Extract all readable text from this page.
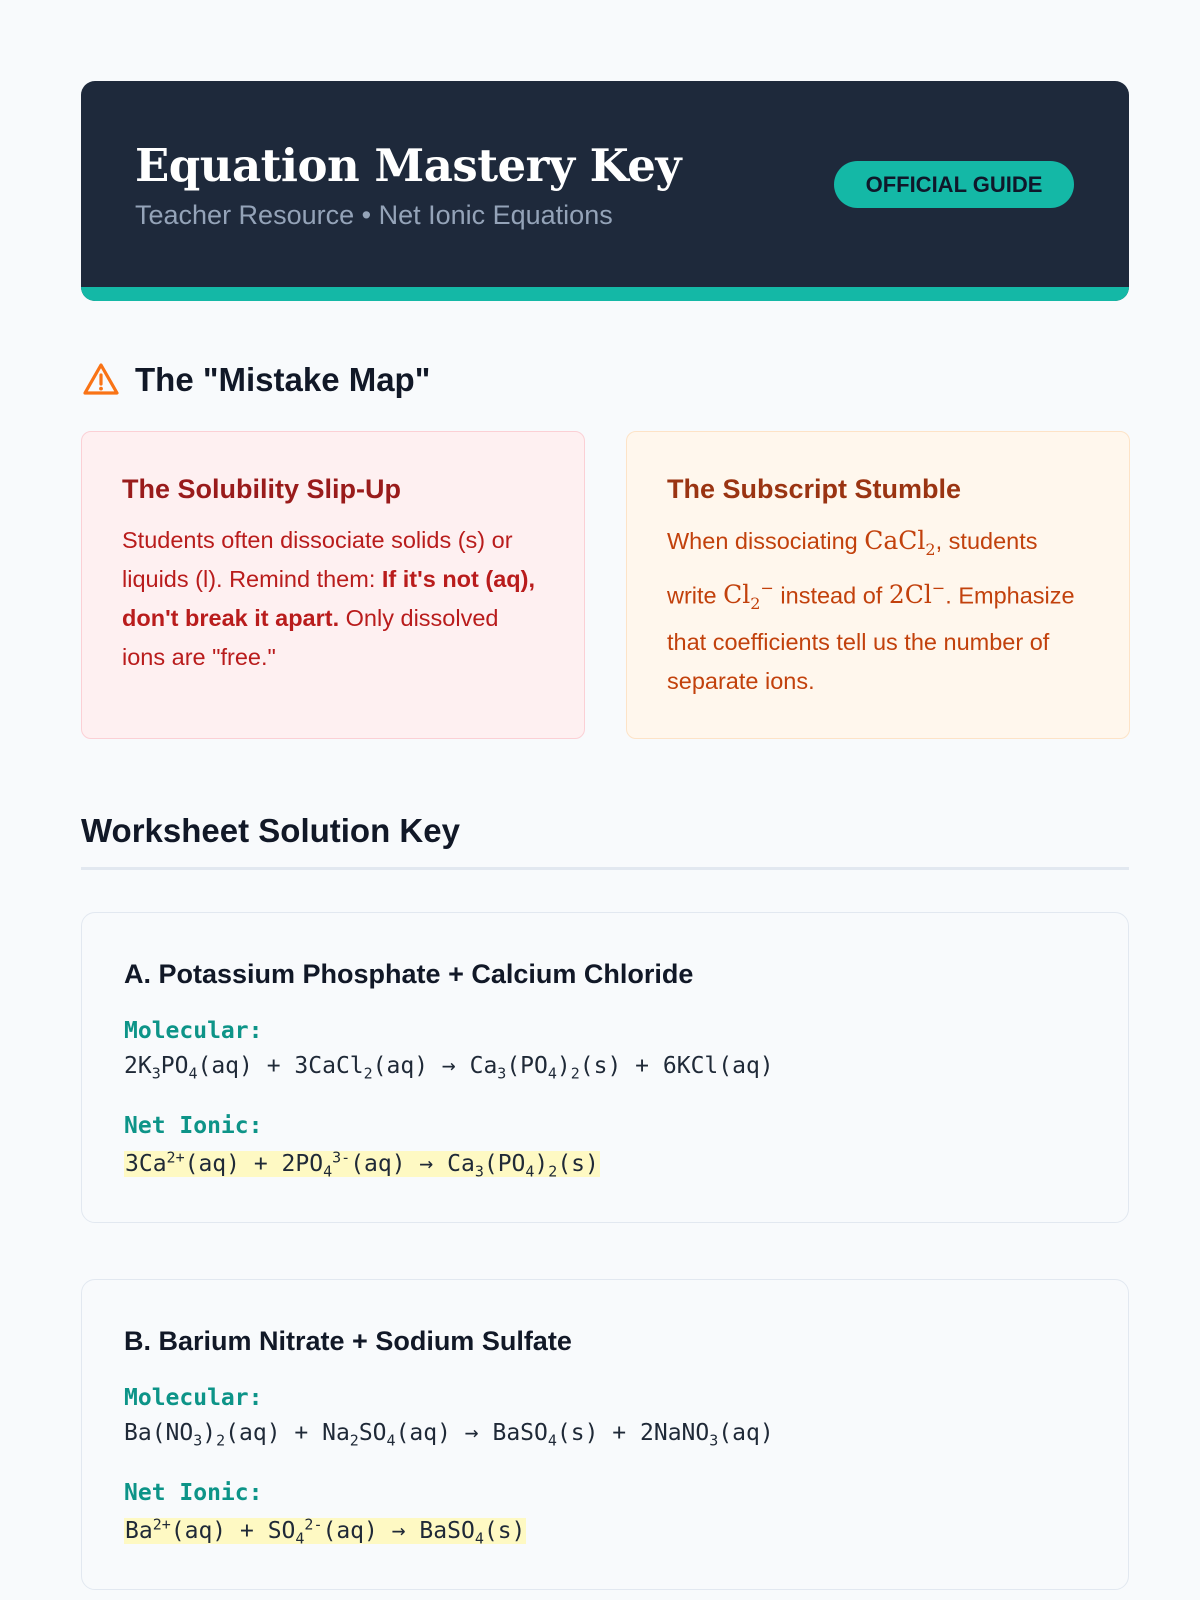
Equation Mastery Key
Teacher Resource • Net Ionic Equations
OFFICIAL GUIDE
The "Mistake Map"
The Solubility Slip-Up
Students often dissociate solids (s) or liquids (l). Remind them: If it's not (aq), don't break it apart. Only dissolved ions are "free."
The Subscript Stumble
When dissociating CaCl$_2$, students write $Cl_2^-$ instead of 2Cl−. Emphasize that coefficients tell us the number of separate ions.
Worksheet Solution Key
A. Potassium Phosphate + Calcium Chloride
Molecular:
$2K_3PO_4(aq)$ + 3CaCl$_2$(aq) → $Ca_3(PO_4)_2(s) + 6KCl(aq)$
Net Ionic:
$3Ca^{2+}(aq) + 2PO_4^{3-}(aq) \to Ca_3(PO_4)_2(s)$
B. Barium Nitrate + Sodium Sulfate
Molecular:
$Ba(NO_3)_2(aq) + Na_2SO_4(aq)$ → BaSO$_4$(s) + 2NaNO$_3$(aq)
Net Ionic:
$Ba^{2+}(aq) + SO_4^{2-}(aq)$ → BaSO$_4$(s)
